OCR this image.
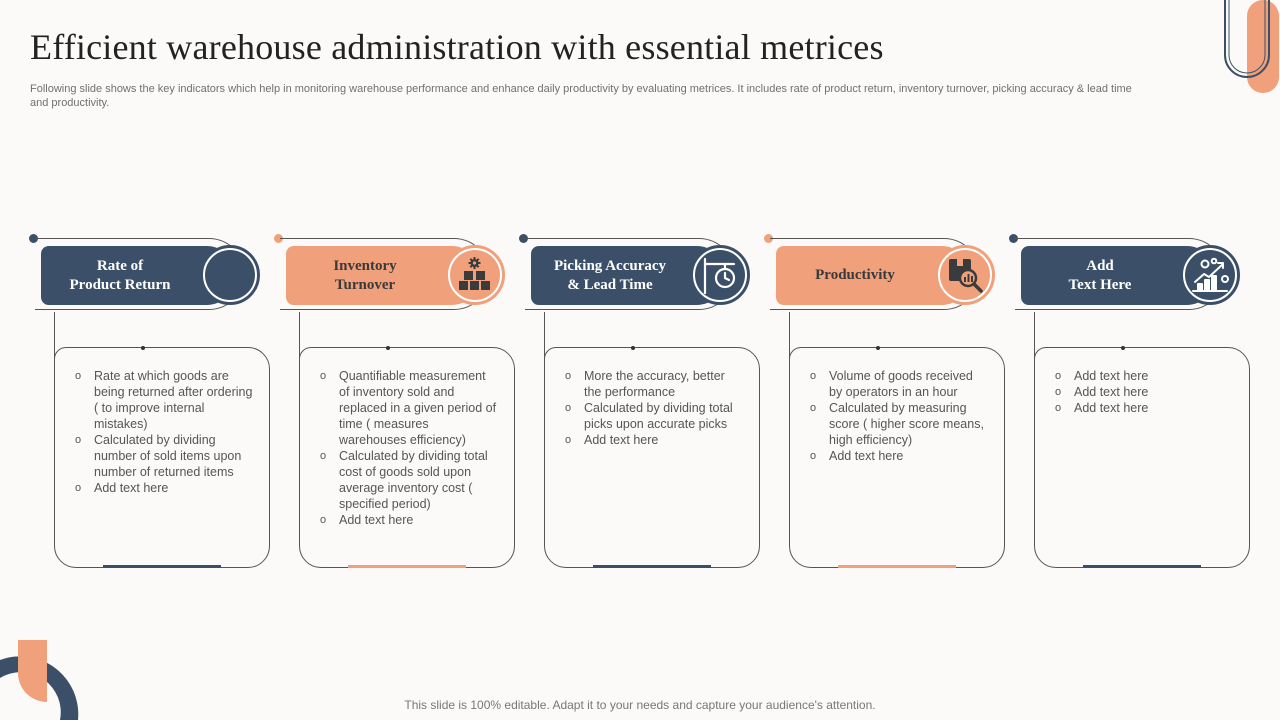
Efficient warehouse administration with essential metrices

Following slide shows the key indicators which help in monitoring warehouse performance and enhance daily productivity by evaluating metrices. It includes rate of product return, inventory turnover, picking accuracy & lead time and productivity.

Rate of
Product Return
o Rate at which goods are being returned after ordering ( to improve internal mistakes)
o Calculated by dividing number of sold items upon number of returned items
o Add text here
Inventory
Turnover
o Quantifiable measurement of inventory sold and replaced in a given period of time ( measures warehouses efficiency)
o Calculated by dividing total cost of goods sold upon average inventory cost ( specified period)
o Add text here
Picking Accuracy
& Lead Time
o More the accuracy, better the performance
o Calculated by dividing total picks upon accurate picks
o Add text here
Productivity
o Volume of goods received by operators in an hour
o Calculated by measuring score ( higher score means, high efficiency)
o Add text here
Add
Text Here
o Add text here
o Add text here
o Add text here
This slide is 100% editable. Adapt it to your needs and capture your audience's attention.
